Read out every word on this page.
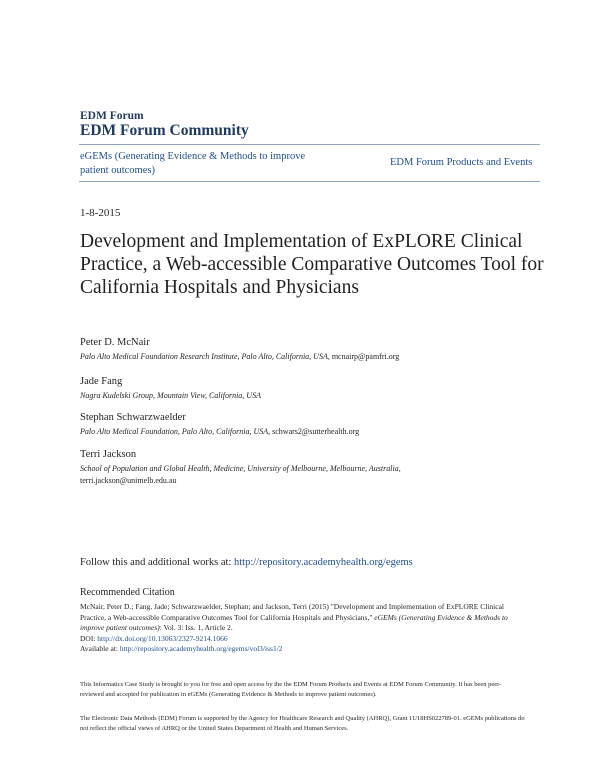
EDM Forum
EDM Forum Community
eGEMs (Generating Evidence & Methods to improve patient outcomes)
EDM Forum Products and Events
1-8-2015
Development and Implementation of ExPLORE Clinical Practice, a Web-accessible Comparative Outcomes Tool for California Hospitals and Physicians
Peter D. McNair
Palo Alto Medical Foundation Research Institute, Palo Alto, California, USA, mcnairp@pamfri.org
Jade Fang
Nagra Kudelski Group, Mountain View, California, USA
Stephan Schwarzwaelder
Palo Alto Medical Foundation, Palo Alto, California, USA, schwars2@sutterhealth.org
Terri Jackson
School of Population and Global Health, Medicine, University of Melbourne, Melbourne, Australia,
terri.jackson@unimelb.edu.au
Follow this and additional works at: http://repository.academyhealth.org/egems
Recommended Citation
McNair, Peter D.; Fang, Jade; Schwarzwaelder, Stephan; and Jackson, Terri (2015) "Development and Implementation of ExPLORE Clinical Practice, a Web-accessible Comparative Outcomes Tool for California Hospitals and Physicians," eGEMs (Generating Evidence & Methods to improve patient outcomes): Vol. 3: Iss. 1, Article 2.
DOI: http://dx.doi.org/10.13063/2327-9214.1066
Available at: http://repository.academyhealth.org/egems/vol3/iss1/2
This Informatics Case Study is brought to you for free and open access by the the EDM Forum Products and Events at EDM Forum Community. It has been peer-reviewed and accepted for publication in eGEMs (Generating Evidence & Methods to improve patient outcomes).
The Electronic Data Methods (EDM) Forum is supported by the Agency for Healthcare Research and Quality (AHRQ), Grant 1U18HS022789-01. eGEMs publications do not reflect the official views of AHRQ or the United States Department of Health and Human Services.
